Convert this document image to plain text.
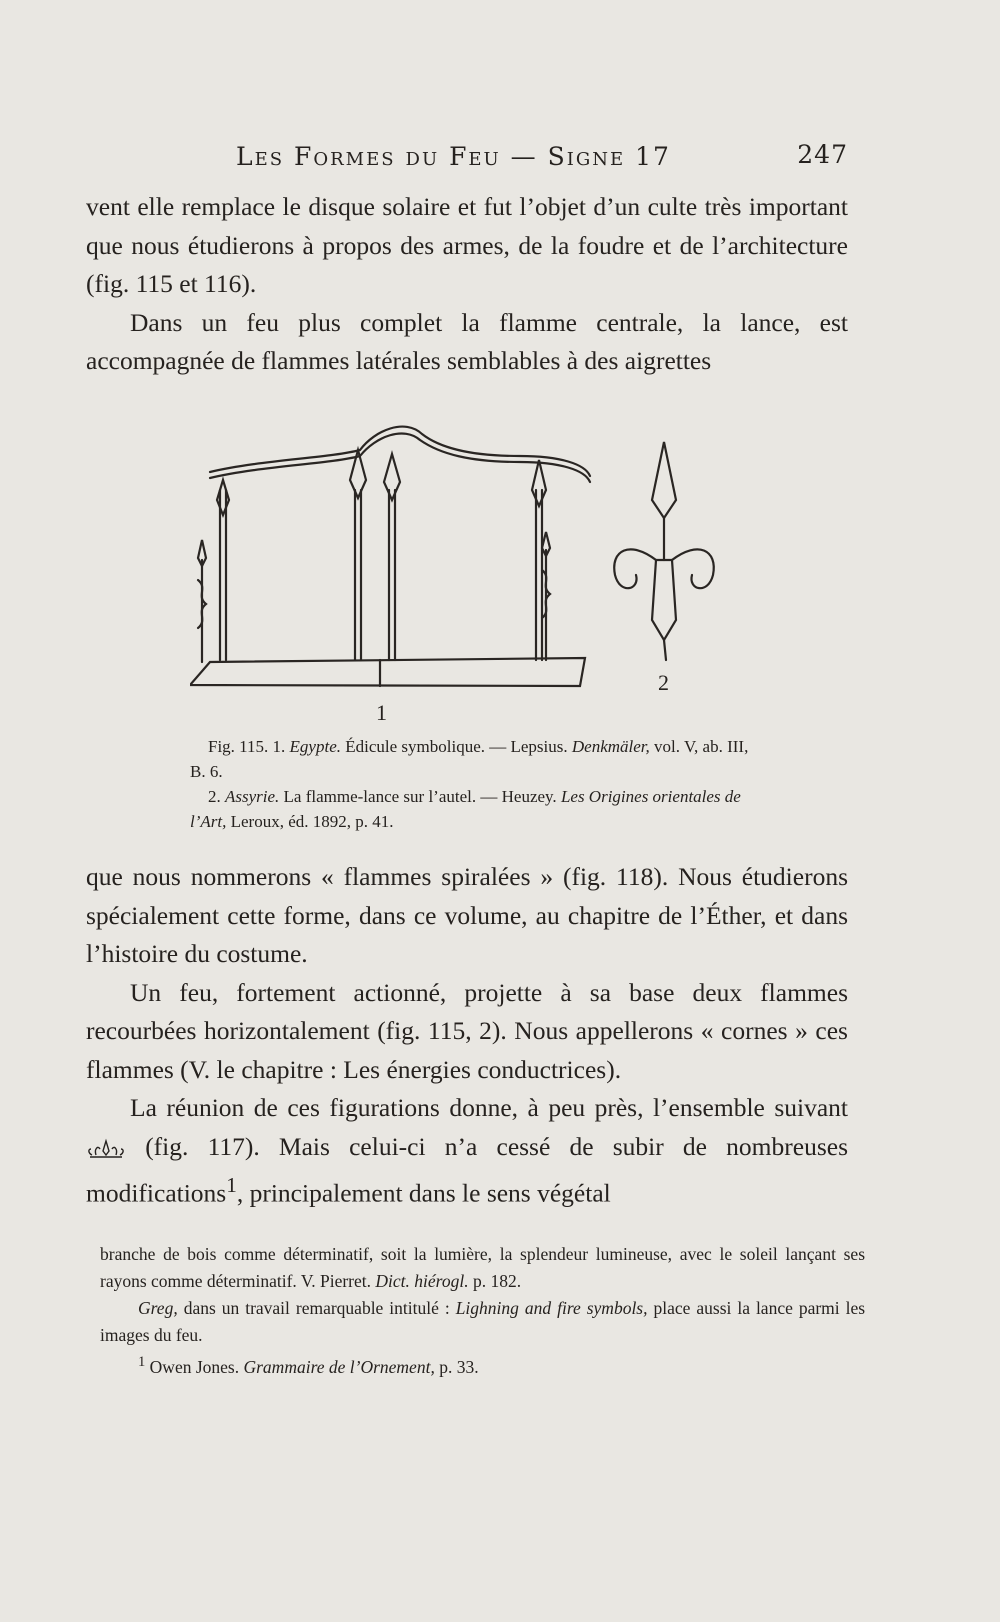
Les Formes du Feu — Signe 17	247

vent elle remplace le disque solaire et fut l’objet d’un culte très important que nous étudierons à propos des armes, de la foudre et de l’architecture (fig. 115 et 116).

Dans un feu plus complet la flamme centrale, la lance, est accompagnée de flammes latérales semblables à des aigrettes

1
2

Fig. 115. 1. Egypte. Édicule symbolique. — Lepsius. Denkmäler, vol. V, ab. III, B. 6.

2. Assyrie. La flamme-lance sur l’autel. — Heuzey. Les Origines orientales de l’Art, Leroux, éd. 1892, p. 41.

que nous nommerons « flammes spiralées » (fig. 118). Nous étudierons spécialement cette forme, dans ce volume, au chapitre de l’Éther, et dans l’histoire du costume.

Un feu, fortement actionné, projette à sa base deux flammes recourbées horizontalement (fig. 115, 2). Nous appellerons « cornes » ces flammes (V. le chapitre : Les énergies conductrices).

La réunion de ces figurations donne, à peu près, l’ensemble suivant  (fig. 117). Mais celui-ci n’a cessé de subir de nombreuses modifications$^1$, principalement dans le sens végétal

branche de bois comme déterminatif, soit la lumière, la splendeur lumineuse, avec le soleil lançant ses rayons comme déterminatif. V. Pierret. Dict. hiérogl. p. 182.

Greg, dans un travail remarquable intitulé : Lighning and fire symbols, place aussi la lance parmi les images du feu.

$^1$ Owen Jones. Grammaire de l’Ornement, p. 33.
